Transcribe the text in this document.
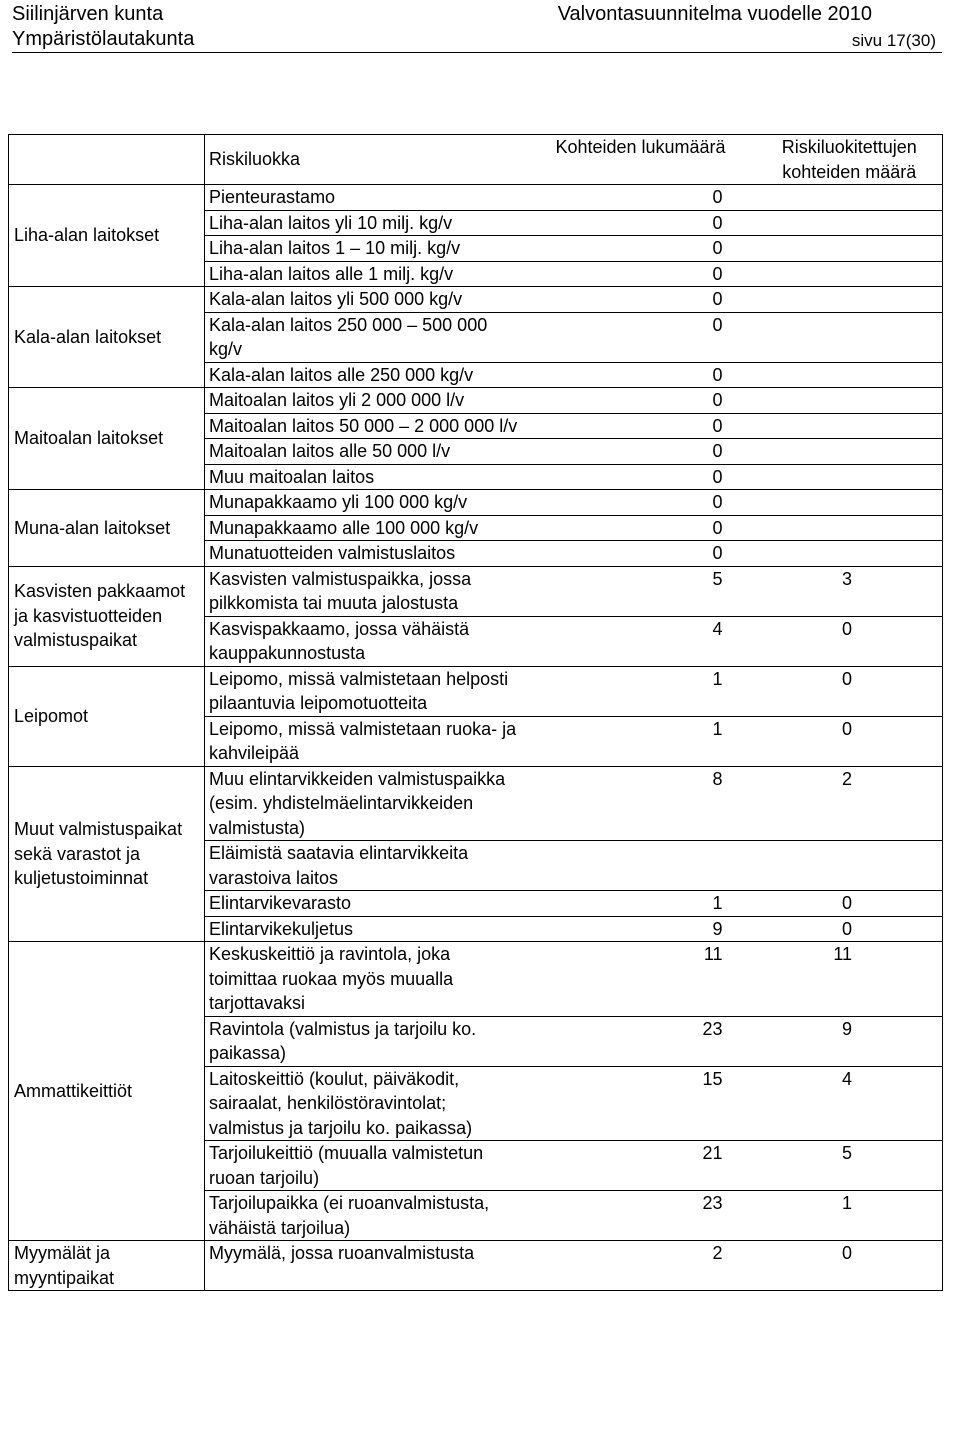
Siilinjärven kunta	Valvontasuunnitelma vuodelle 2010
Ympäristölautakunta	sivu 17(30)
	Riskiluokka	Kohteiden lukumäärä	Riskiluokitettujen kohteiden määrä
Liha-alan laitokset	Pienteurastamo	0	
	Liha-alan laitos yli 10 milj. kg/v	0	
	Liha-alan laitos 1 – 10 milj. kg/v	0	
	Liha-alan laitos alle 1 milj. kg/v	0	
Kala-alan laitokset	Kala-alan laitos yli 500 000 kg/v	0	
	Kala-alan laitos 250 000 – 500 000 kg/v	0	
	Kala-alan laitos alle 250 000 kg/v	0	
Maitoalan laitokset	Maitoalan laitos yli 2 000 000 l/v	0	
	Maitoalan laitos 50 000 – 2 000 000 l/v	0	
	Maitoalan laitos alle 50 000 l/v	0	
	Muu maitoalan laitos	0	
Muna-alan laitokset	Munapakkaamo yli 100 000 kg/v	0	
	Munapakkaamo alle 100 000 kg/v	0	
	Munatuotteiden valmistuslaitos	0	
Kasvisten pakkaamot ja kasvistuotteiden valmistuspaikat	Kasvisten valmistuspaikka, jossa pilkkomista tai muuta jalostusta	5	3
	Kasvispakkaamo, jossa vähäistä kauppakunnostusta	4	0
Leipomot	Leipomo, missä valmistetaan helposti pilaantuvia leipomotuotteita	1	0
	Leipomo, missä valmistetaan ruoka- ja kahvileipää	1	0
Muut valmistuspaikat sekä varastot ja kuljetustoiminnat	Muu elintarvikkeiden valmistuspaikka (esim. yhdistelmäelintarvikkeiden valmistusta)	8	2
	Eläimistä saatavia elintarvikkeita varastoiva laitos		
	Elintarvikevarasto	1	0
	Elintarvikekuljetus	9	0
Ammattikeittiöt	Keskuskeittiö ja ravintola, joka toimittaa ruokaa myös muualla tarjottavaksi	11	11
	Ravintola (valmistus ja tarjoilu ko. paikassa)	23	9
	Laitoskeittiö (koulut, päiväkodit, sairaalat, henkilöstöravintolat; valmistus ja tarjoilu ko. paikassa)	15	4
	Tarjoilukeittiö (muualla valmistetun ruoan tarjoilu)	21	5
	Tarjoilupaikka (ei ruoanvalmistusta, vähäistä tarjoilua)	23	1
Myymälät ja myyntipaikat	Myymälä, jossa ruoanvalmistusta	2	0
